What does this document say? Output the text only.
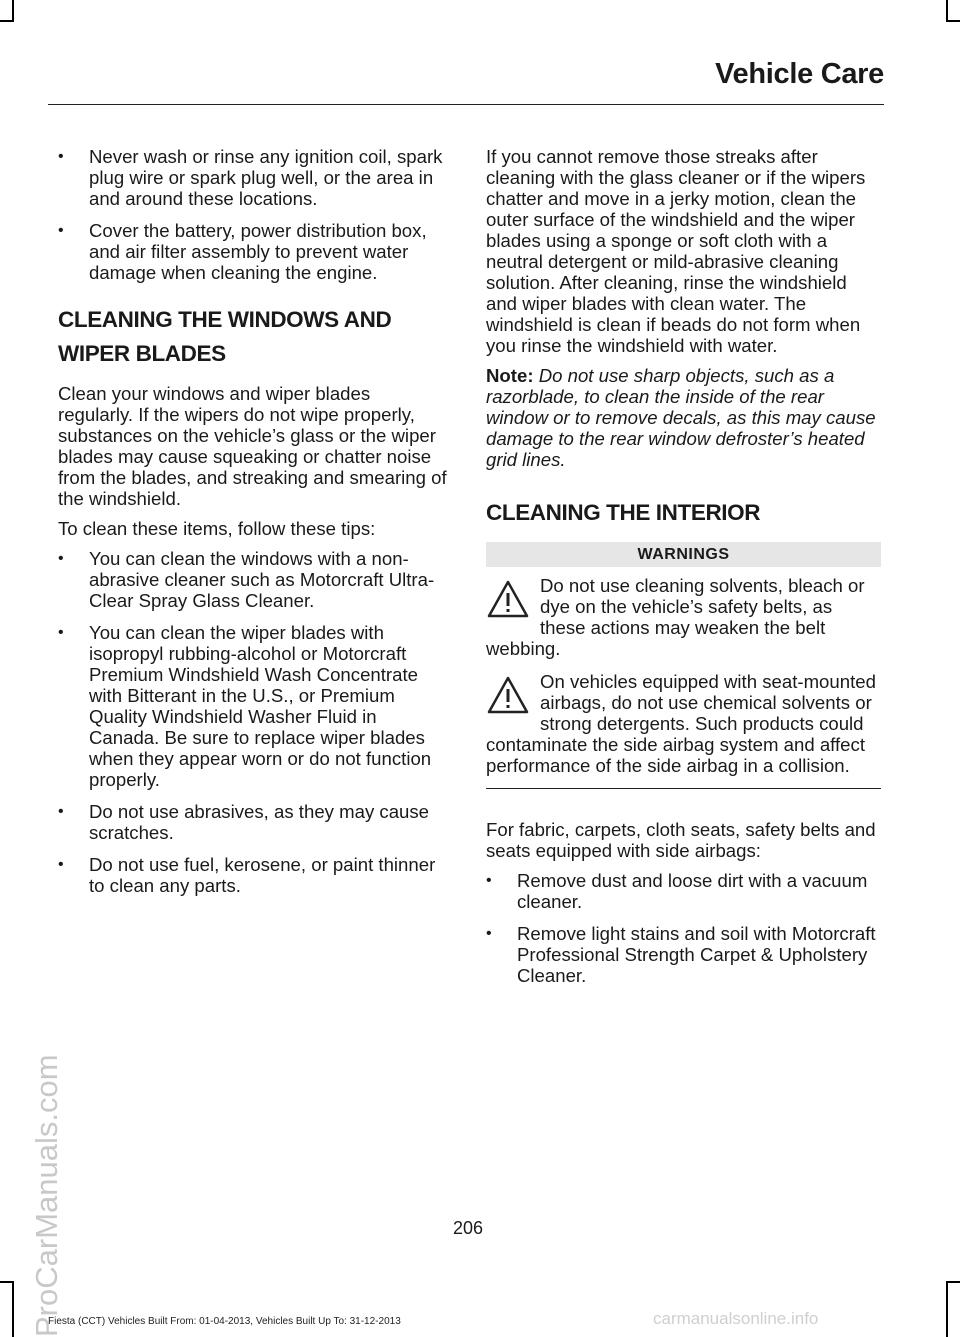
Vehicle Care
• Never wash or rinse any ignition coil, spark plug wire or spark plug well, or the area in and around these locations.
• Cover the battery, power distribution box, and air filter assembly to prevent water damage when cleaning the engine.
CLEANING THE WINDOWS AND WIPER BLADES

Clean your windows and wiper blades regularly. If the wipers do not wipe properly, substances on the vehicle’s glass or the wiper blades may cause squeaking or chatter noise from the blades, and streaking and smearing of the windshield.

To clean these items, follow these tips:

• You can clean the windows with a non-abrasive cleaner such as Motorcraft Ultra-Clear Spray Glass Cleaner.
• You can clean the wiper blades with isopropyl rubbing-alcohol or Motorcraft Premium Windshield Wash Concentrate with Bitterant in the U.S., or Premium Quality Windshield Washer Fluid in Canada. Be sure to replace wiper blades when they appear worn or do not function properly.
• Do not use abrasives, as they may cause scratches.
• Do not use fuel, kerosene, or paint thinner to clean any parts.

If you cannot remove those streaks after cleaning with the glass cleaner or if the wipers chatter and move in a jerky motion, clean the outer surface of the windshield and the wiper blades using a sponge or soft cloth with a neutral detergent or mild-abrasive cleaning solution. After cleaning, rinse the windshield and wiper blades with clean water. The windshield is clean if beads do not form when you rinse the windshield with water.

Note: Do not use sharp objects, such as a razorblade, to clean the inside of the rear window or to remove decals, as this may cause damage to the rear window defroster’s heated grid lines.

CLEANING THE INTERIOR
WARNINGS
Do not use cleaning solvents, bleach or dye on the vehicle’s safety belts, as these actions may weaken the belt webbing.
On vehicles equipped with seat-mounted airbags, do not use chemical solvents or strong detergents. Such products could contaminate the side airbag system and affect performance of the side airbag in a collision.

For fabric, carpets, cloth seats, safety belts and seats equipped with side airbags:

• Remove dust and loose dirt with a vacuum cleaner.
• Remove light stains and soil with Motorcraft Professional Strength Carpet & Upholstery Cleaner.
206
Fiesta (CCT) Vehicles Built From: 01-04-2013, Vehicles Built Up To: 31-12-2013
ProCarManuals.com	carmanualsonline.info
